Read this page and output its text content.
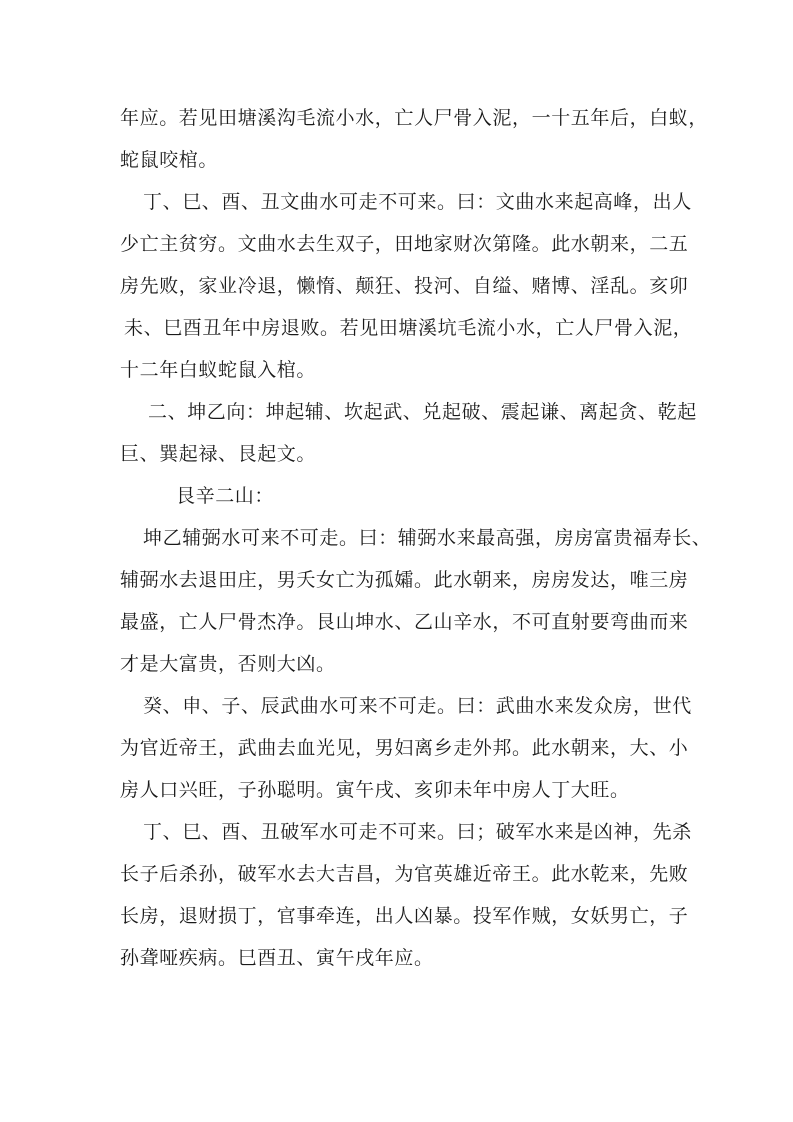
年应。若见田塘溪沟毛流小水，亡人尸骨入泥，一十五年后，白蚁，

蛇鼠咬棺。

丁、巳、酉、丑文曲水可走不可来。曰：文曲水来起高峰，出人

少亡主贫穷。文曲水去生双子，田地家财次第隆。此水朝来，二五

房先败，家业冷退，懒惰、颠狂、投河、自缢、赌博、淫乱。亥卯

未、巳酉丑年中房退败。若见田塘溪坑毛流小水，亡人尸骨入泥，

十二年白蚁蛇鼠入棺。

二、坤乙向：坤起辅、坎起武、兑起破、震起谦、离起贪、乾起

巨、巽起禄、艮起文。

艮辛二山：

坤乙辅弼水可来不可走。曰：辅弼水来最高强，房房富贵福寿长、

辅弼水去退田庄，男夭女亡为孤孀。此水朝来，房房发达，唯三房

最盛，亡人尸骨杰净。艮山坤水、乙山辛水，不可直射要弯曲而来

才是大富贵，否则大凶。

癸、申、子、辰武曲水可来不可走。曰：武曲水来发众房，世代

为官近帝王，武曲去血光见，男妇离乡走外邦。此水朝来，大、小

房人口兴旺，子孙聪明。寅午戌、亥卯未年中房人丁大旺。

丁、巳、酉、丑破军水可走不可来。曰；破军水来是凶神，先杀

长子后杀孙，破军水去大吉昌，为官英雄近帝王。此水乾来，先败

长房，退财损丁，官事牵连，出人凶暴。投军作贼，女妖男亡，子

孙聋哑疾病。巳酉丑、寅午戌年应。
